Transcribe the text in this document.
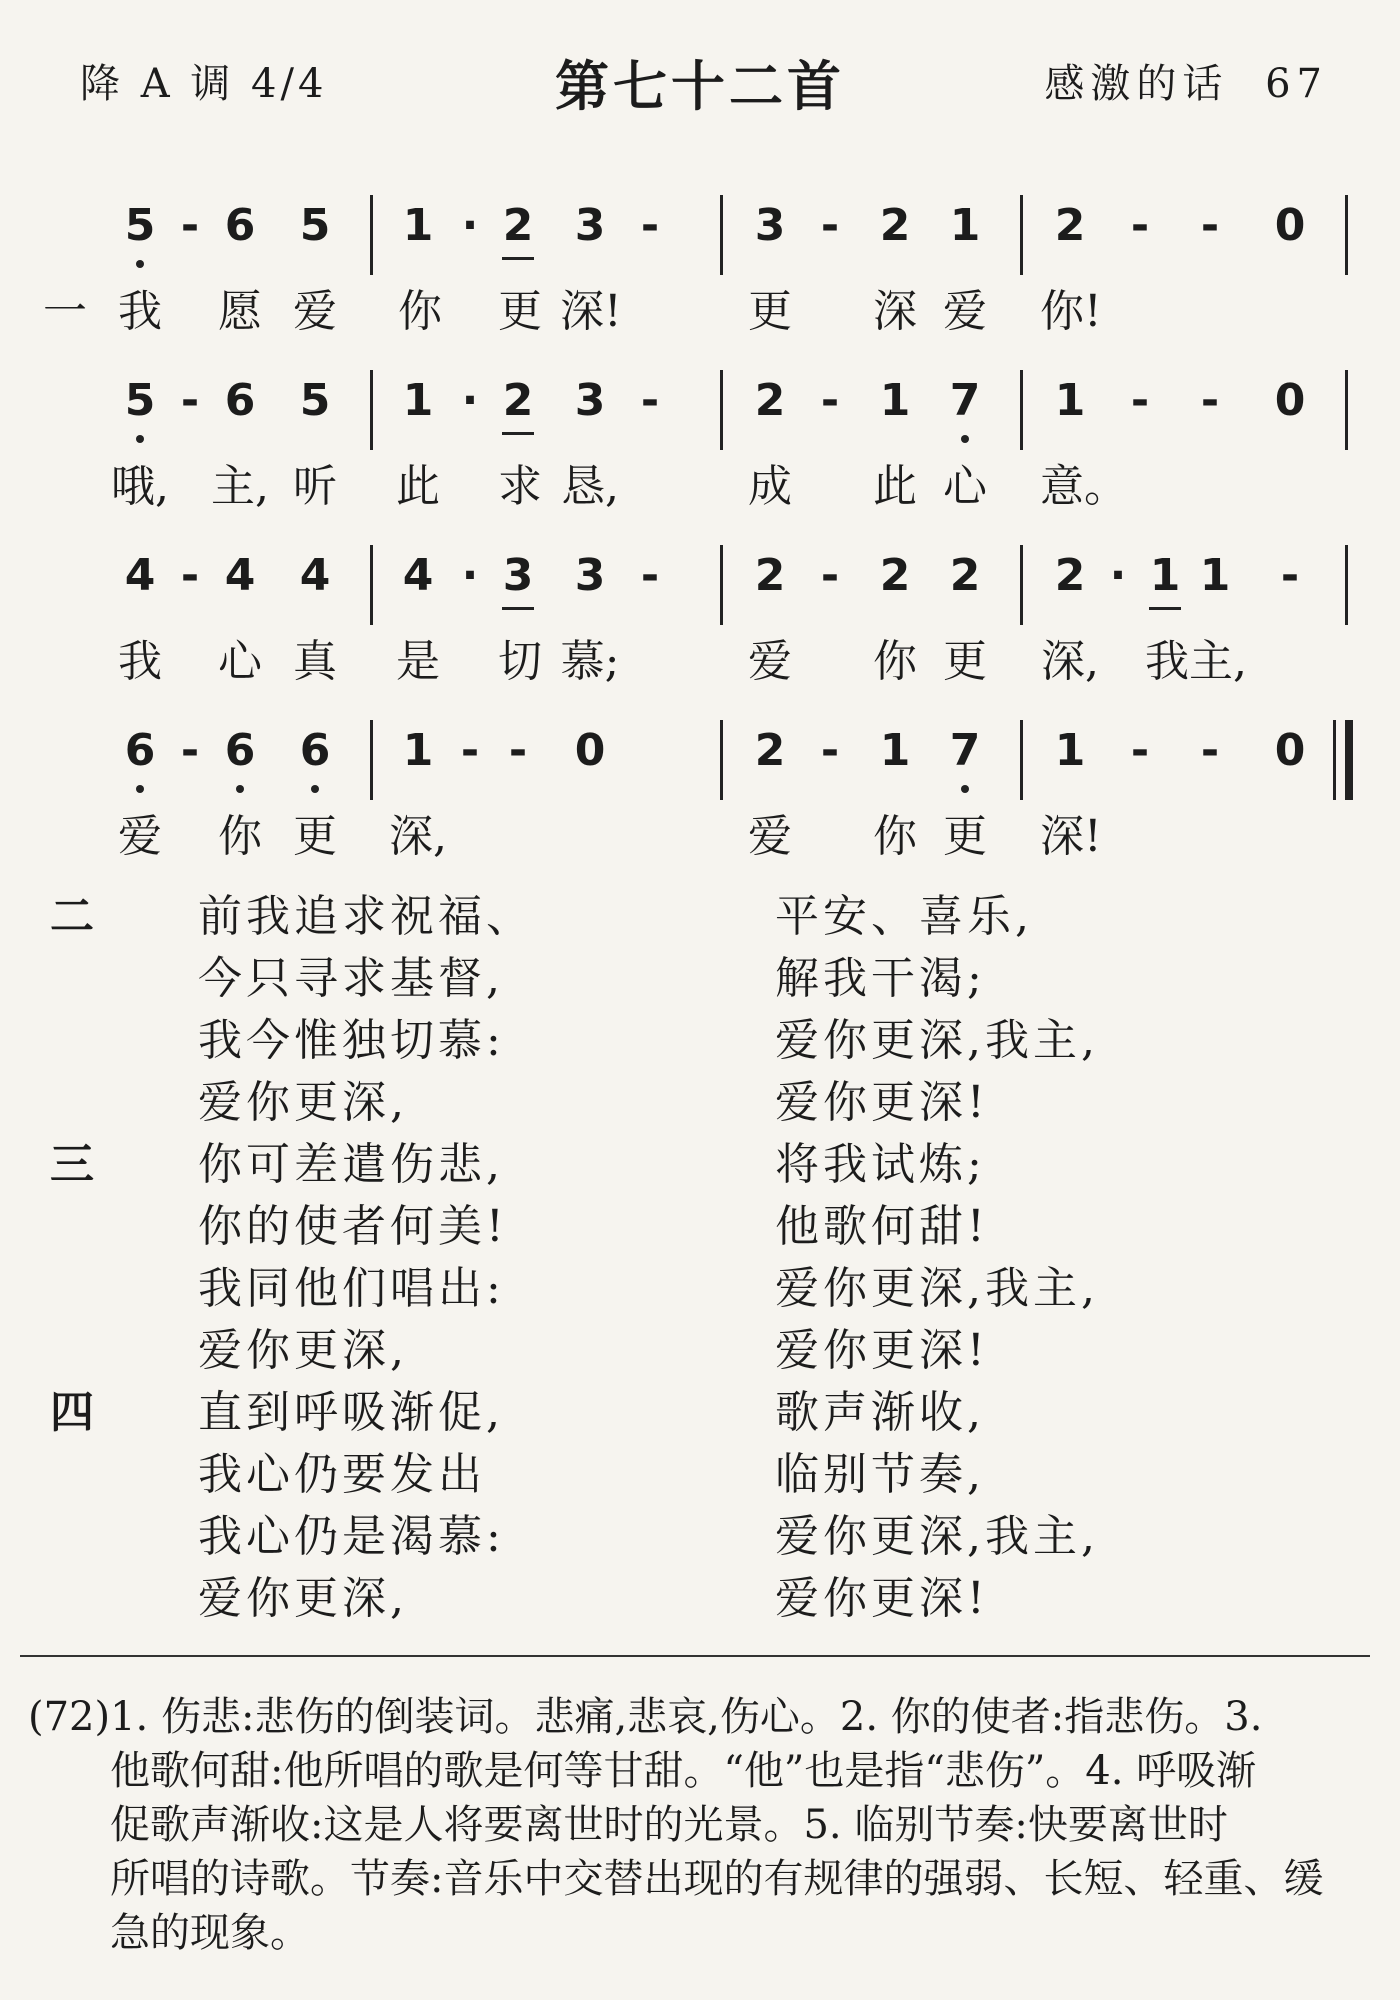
降 A 调 4/4	第七十二首	感激的话 67
5 - 6 5 1 · 2 3 - 3 - 2 1 2 - - 0
一 我 愿 爱 你 更 深!	更 深 爱 你!
5 - 6 5 1 · 2 3 - 2 - 1 7 1 - - 0
哦, 主, 听 此 求 恳,	成 此 心 意。
4 - 4 4 4 · 3 3 - 2 - 2 2 2 · 1 1 -
我 心 真 是 切 慕;	爱 你 更 深, 我主,
6 - 6 6 1 - - 0	2 - 1 7 1 - - 0
爱 你 更 深,	爱 你 更 深!
二 前我追求祝福、	平安、喜乐,
今只寻求基督,	解我干渴;
我今惟独切慕:	爱你更深,我主,
爱你更深,	爱你更深!
三 你可差遣伤悲,	将我试炼;
你的使者何美!	他歌何甜!
我同他们唱出:	爱你更深,我主,
爱你更深,	爱你更深!
四 直到呼吸渐促,	歌声渐收,
我心仍要发出	临别节奏,
我心仍是渴慕:	爱你更深,我主,
爱你更深,	爱你更深!
(72)1. 伤悲:悲伤的倒装词。悲痛,悲哀,伤心。2. 你的使者:指悲伤。3.
他歌何甜:他所唱的歌是何等甘甜。“他”也是指“悲伤”。4. 呼吸渐
促歌声渐收:这是人将要离世时的光景。5. 临别节奏:快要离世时
所唱的诗歌。节奏:音乐中交替出现的有规律的强弱、长短、轻重、缓
急的现象。
